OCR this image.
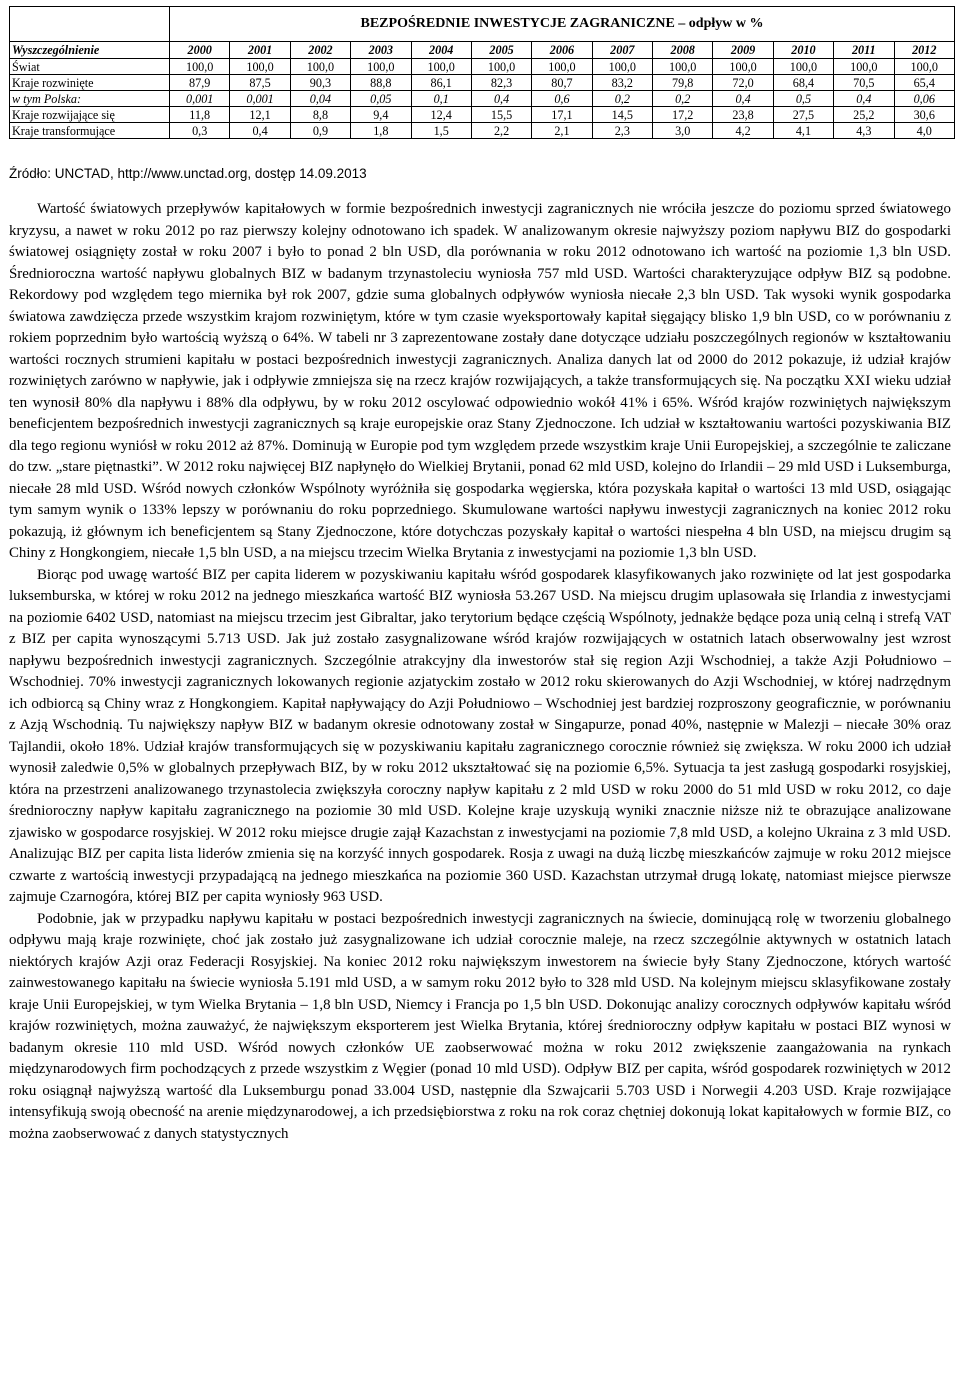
	BEZPOŚREDNIE INWESTYCJE ZAGRANICZNE – odpływ w %												
Wyszczególnienie	2000	2001	2002	2003	2004	2005	2006	2007	2008	2009	2010	2011	2012
Świat	100,0	100,0	100,0	100,0	100,0	100,0	100,0	100,0	100,0	100,0	100,0	100,0	100,0
Kraje rozwinięte	87,9	87,5	90,3	88,8	86,1	82,3	80,7	83,2	79,8	72,0	68,4	70,5	65,4
w tym Polska:	0,001	0,001	0,04	0,05	0,1	0,4	0,6	0,2	0,2	0,4	0,5	0,4	0,06
Kraje rozwijające się	11,8	12,1	8,8	9,4	12,4	15,5	17,1	14,5	17,2	23,8	27,5	25,2	30,6
Kraje transformujące	0,3	0,4	0,9	1,8	1,5	2,2	2,1	2,3	3,0	4,2	4,1	4,3	4,0
Źródło: UNCTAD, http://www.unctad.org, dostęp 14.09.2013

Wartość światowych przepływów kapitałowych w formie bezpośrednich inwestycji zagranicznych nie wróciła jeszcze do poziomu sprzed światowego kryzysu, a nawet w roku 2012 po raz pierwszy kolejny odnotowano ich spadek. W analizowanym okresie najwyższy poziom napływu BIZ do gospodarki światowej osiągnięty został w roku 2007 i było to ponad 2 bln USD, dla porównania w roku 2012 odnotowano ich wartość na poziomie 1,3 bln USD. Średnioroczna wartość napływu globalnych BIZ w badanym trzynastoleciu wyniosła 757 mld USD. Wartości charakteryzujące odpływ BIZ są podobne. Rekordowy pod względem tego miernika był rok 2007, gdzie suma globalnych odpływów wyniosła niecałe 2,3 bln USD. Tak wysoki wynik gospodarka światowa zawdzięcza przede wszystkim krajom rozwiniętym, które w tym czasie wyeksportowały kapitał sięgający blisko 1,9 bln USD, co w porównaniu z rokiem poprzednim było wartością wyższą o 64%. W tabeli nr 3 zaprezentowane zostały dane dotyczące udziału poszczególnych regionów w kształtowaniu wartości rocznych strumieni kapitału w postaci bezpośrednich inwestycji zagranicznych. Analiza danych lat od 2000 do 2012 pokazuje, iż udział krajów rozwiniętych zarówno w napływie, jak i odpływie zmniejsza się na rzecz krajów rozwijających, a także transformujących się. Na początku XXI wieku udział ten wynosił 80% dla napływu i 88% dla odpływu, by w roku 2012 oscylować odpowiednio wokół 41% i 65%. Wśród krajów rozwiniętych największym beneficjentem bezpośrednich inwestycji zagranicznych są kraje europejskie oraz Stany Zjednoczone. Ich udział w kształtowaniu wartości pozyskiwania BIZ dla tego regionu wyniósł w roku 2012 aż 87%. Dominują w Europie pod tym względem przede wszystkim kraje Unii Europejskiej, a szczególnie te zaliczane do tzw. „stare piętnastki”. W 2012 roku najwięcej BIZ napłynęło do Wielkiej Brytanii, ponad 62 mld USD, kolejno do Irlandii – 29 mld USD i Luksemburga, niecałe 28 mld USD. Wśród nowych członków Wspólnoty wyróżniła się gospodarka węgierska, która pozyskała kapitał o wartości 13 mld USD, osiągając tym samym wynik o 133% lepszy w porównaniu do roku poprzedniego. Skumulowane wartości napływu inwestycji zagranicznych na koniec 2012 roku pokazują, iż głównym ich beneficjentem są Stany Zjednoczone, które dotychczas pozyskały kapitał o wartości niespełna 4 bln USD, na miejscu drugim są Chiny z Hongkongiem, niecałe 1,5 bln USD, a na miejscu trzecim Wielka Brytania z inwestycjami na poziomie 1,3 bln USD.

Biorąc pod uwagę wartość BIZ per capita liderem w pozyskiwaniu kapitału wśród gospodarek klasyfikowanych jako rozwinięte od lat jest gospodarka luksemburska, w której w roku 2012 na jednego mieszkańca wartość BIZ wyniosła 53.267 USD. Na miejscu drugim uplasowała się Irlandia z inwestycjami na poziomie 6402 USD, natomiast na miejscu trzecim jest Gibraltar, jako terytorium będące częścią Wspólnoty, jednakże będące poza unią celną i strefą VAT z BIZ per capita wynoszącymi 5.713 USD. Jak już zostało zasygnalizowane wśród krajów rozwijających w ostatnich latach obserwowalny jest wzrost napływu bezpośrednich inwestycji zagranicznych. Szczególnie atrakcyjny dla inwestorów stał się region Azji Wschodniej, a także Azji Południowo – Wschodniej. 70% inwestycji zagranicznych lokowanych regionie azjatyckim zostało w 2012 roku skierowanych do Azji Wschodniej, w której nadrzędnym ich odbiorcą są Chiny wraz z Hongkongiem. Kapitał napływający do Azji Południowo – Wschodniej jest bardziej rozproszony geograficznie, w porównaniu z Azją Wschodnią. Tu największy napływ BIZ w badanym okresie odnotowany został w Singapurze, ponad 40%, następnie w Malezji – niecałe 30% oraz Tajlandii, około 18%. Udział krajów transformujących się w pozyskiwaniu kapitału zagranicznego corocznie również się zwiększa. W roku 2000 ich udział wynosił zaledwie 0,5% w globalnych przepływach BIZ, by w roku 2012 ukształtować się na poziomie 6,5%. Sytuacja ta jest zasługą gospodarki rosyjskiej, która na przestrzeni analizowanego trzynastolecia zwiększyła coroczny napływ kapitału z 2 mld USD w roku 2000 do 51 mld USD w roku 2012, co daje średnioroczny napływ kapitału zagranicznego na poziomie 30 mld USD. Kolejne kraje uzyskują wyniki znacznie niższe niż te obrazujące analizowane zjawisko w gospodarce rosyjskiej. W 2012 roku miejsce drugie zajął Kazachstan z inwestycjami na poziomie 7,8 mld USD, a kolejno Ukraina z 3 mld USD. Analizując BIZ per capita lista liderów zmienia się na korzyść innych gospodarek. Rosja z uwagi na dużą liczbę mieszkańców zajmuje w roku 2012 miejsce czwarte z wartością inwestycji przypadającą na jednego mieszkańca na poziomie 360 USD. Kazachstan utrzymał drugą lokatę, natomiast miejsce pierwsze zajmuje Czarnogóra, której BIZ per capita wyniosły 963 USD.

Podobnie, jak w przypadku napływu kapitału w postaci bezpośrednich inwestycji zagranicznych na świecie, dominującą rolę w tworzeniu globalnego odpływu mają kraje rozwinięte, choć jak zostało już zasygnalizowane ich udział corocznie maleje, na rzecz szczególnie aktywnych w ostatnich latach niektórych krajów Azji oraz Federacji Rosyjskiej. Na koniec 2012 roku największym inwestorem na świecie były Stany Zjednoczone, których wartość zainwestowanego kapitału na świecie wyniosła 5.191 mld USD, a w samym roku 2012 było to 328 mld USD. Na kolejnym miejscu sklasyfikowane zostały kraje Unii Europejskiej, w tym Wielka Brytania – 1,8 bln USD, Niemcy i Francja po 1,5 bln USD. Dokonując analizy corocznych odpływów kapitału wśród krajów rozwiniętych, można zauważyć, że największym eksporterem jest Wielka Brytania, której średnioroczny odpływ kapitału w postaci BIZ wynosi w badanym okresie 110 mld USD. Wśród nowych członków UE zaobserwować można w roku 2012 zwiększenie zaangażowania na rynkach międzynarodowych firm pochodzących z przede wszystkim z Węgier (ponad 10 mld USD). Odpływ BIZ per capita, wśród gospodarek rozwiniętych w 2012 roku osiągnął najwyższą wartość dla Luksemburgu ponad 33.004 USD, następnie dla Szwajcarii 5.703 USD i Norwegii 4.203 USD. Kraje rozwijające intensyfikują swoją obecność na arenie międzynarodowej, a ich przedsiębiorstwa z roku na rok coraz chętniej dokonują lokat kapitałowych w formie BIZ, co można zaobserwować z danych statystycznych
